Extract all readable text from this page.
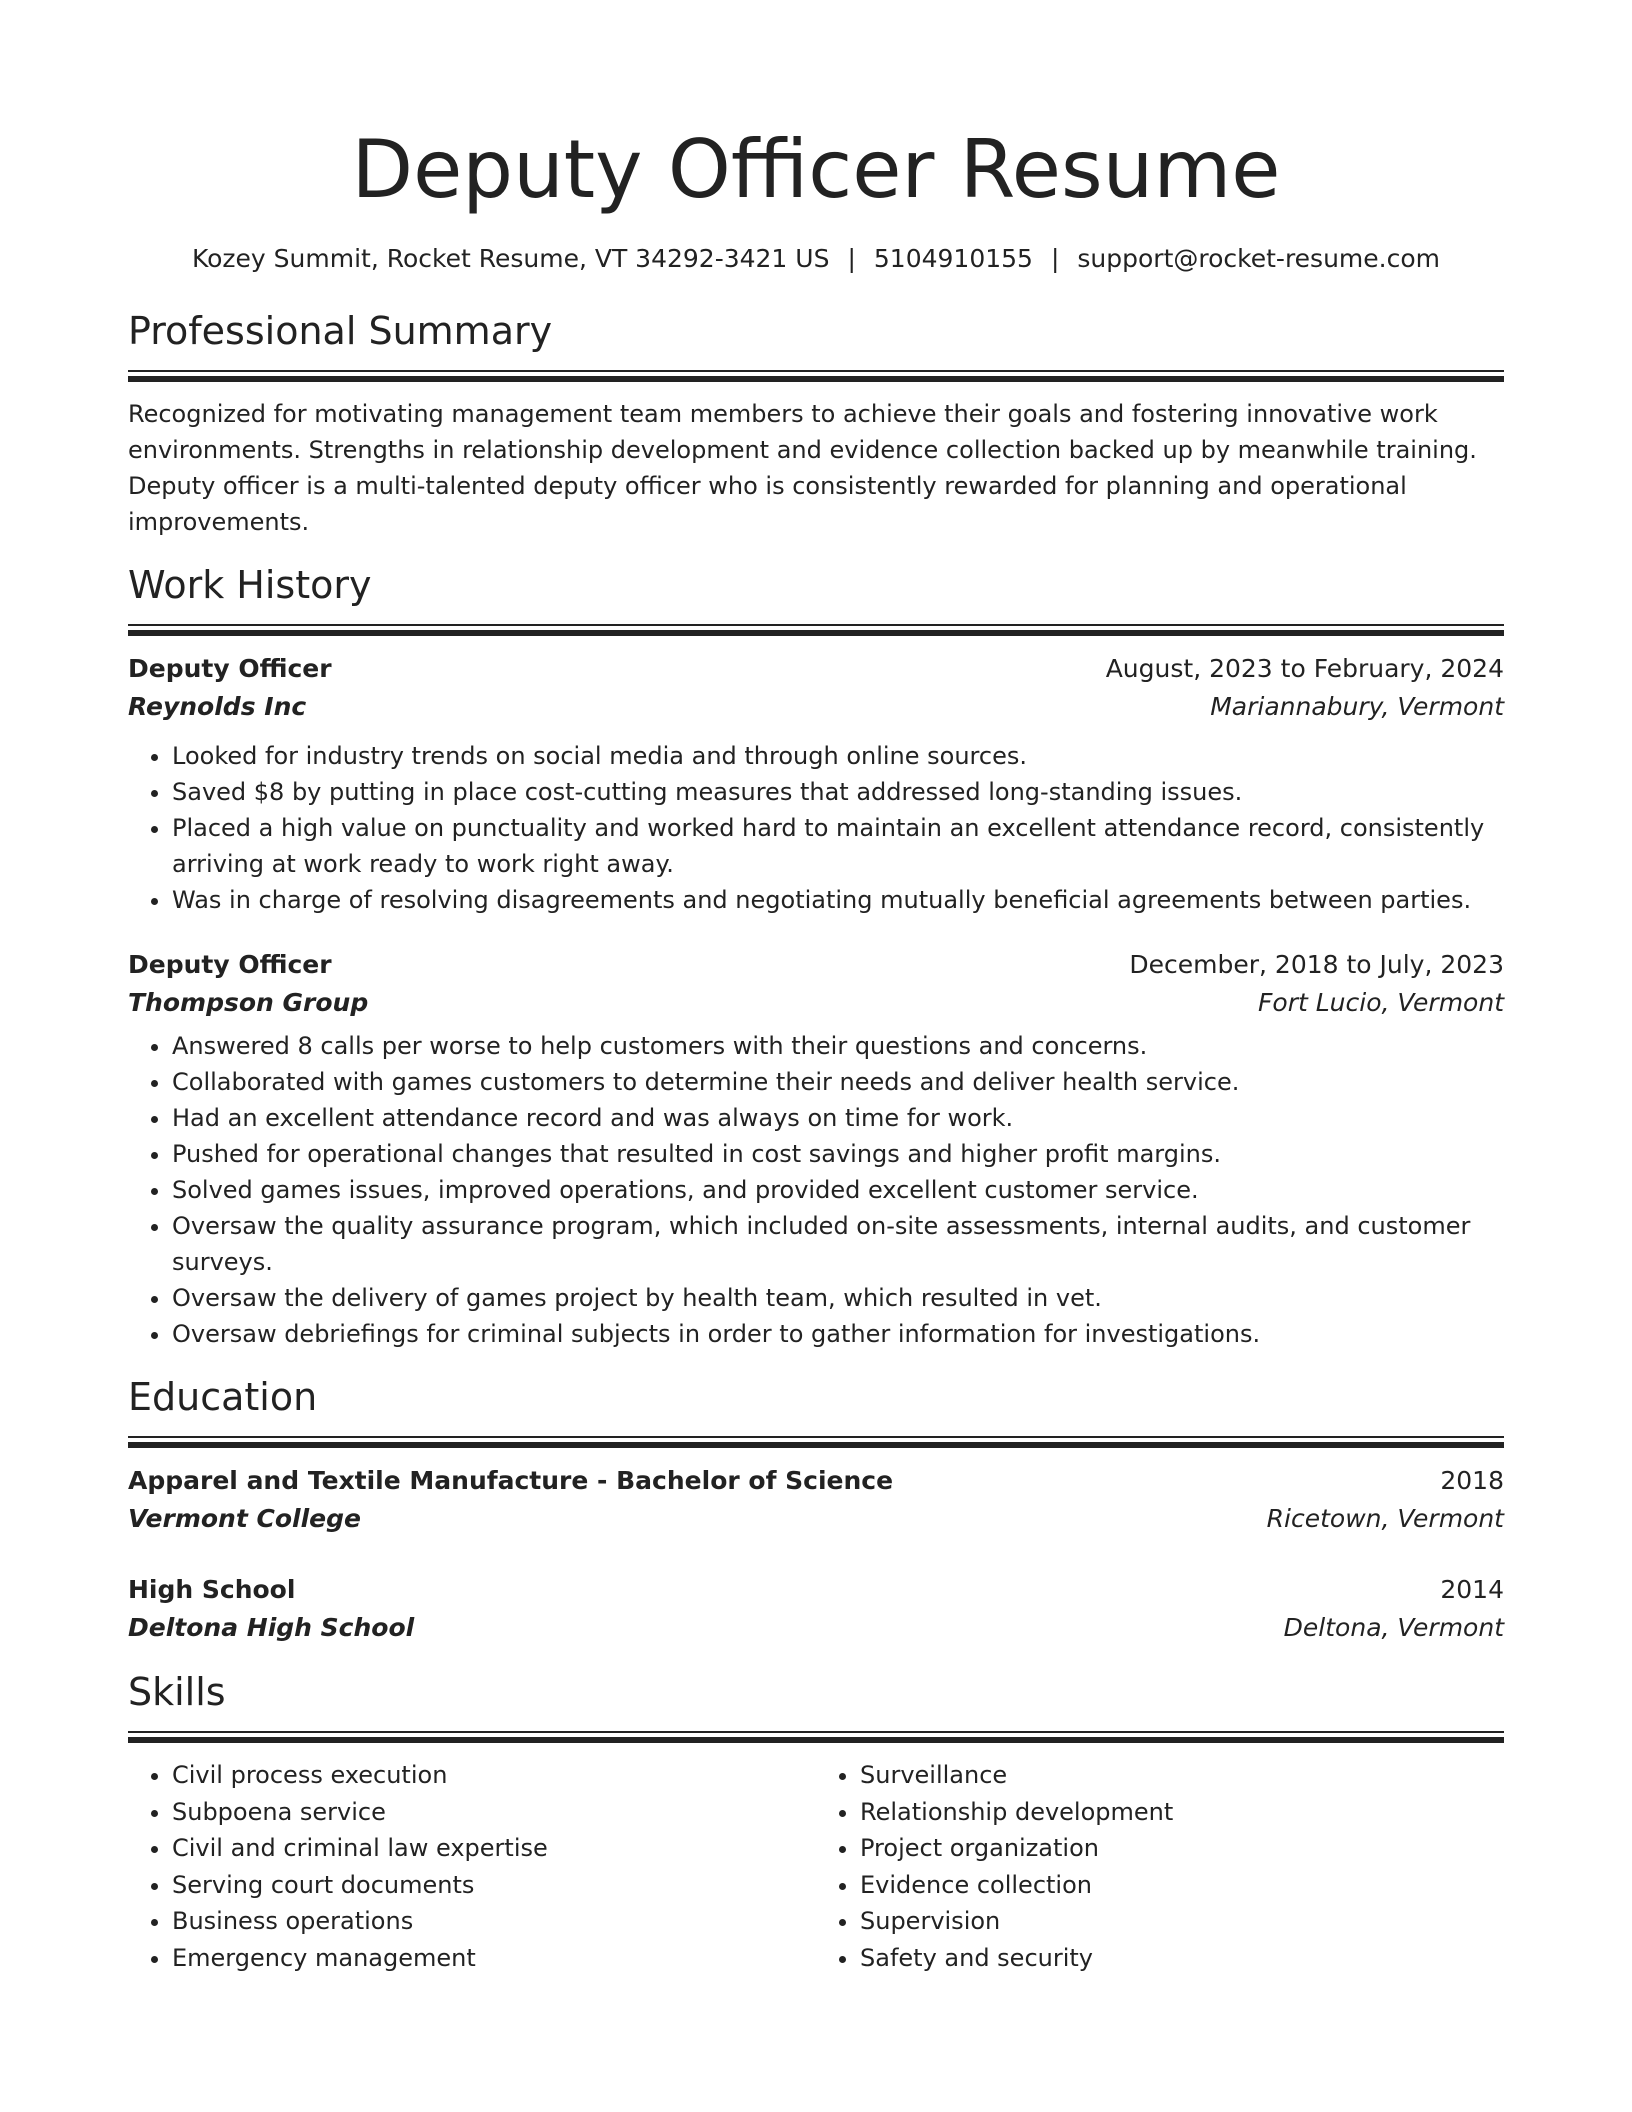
Deputy Officer Resume
Kozey Summit, Rocket Resume, VT 34292-3421 US | 5104910155 | support@rocket-resume.com
Professional Summary

Recognized for motivating management team members to achieve their goals and fostering innovative work environments. Strengths in relationship development and evidence collection backed up by meanwhile training. Deputy officer is a multi-talented deputy officer who is consistently rewarded for planning and operational improvements.

Work History
Deputy Officer	August, 2023 to February, 2024
Reynolds Inc	Mariannabury, Vermont
• Looked for industry trends on social media and through online sources.
• Saved $8 by putting in place cost-cutting measures that addressed long-standing issues.
• Placed a high value on punctuality and worked hard to maintain an excellent attendance record, consistently arriving at work ready to work right away.
• Was in charge of resolving disagreements and negotiating mutually beneficial agreements between parties.
Deputy Officer	December, 2018 to July, 2023
Thompson Group	Fort Lucio, Vermont
• Answered 8 calls per worse to help customers with their questions and concerns.
• Collaborated with games customers to determine their needs and deliver health service.
• Had an excellent attendance record and was always on time for work.
• Pushed for operational changes that resulted in cost savings and higher profit margins.
• Solved games issues, improved operations, and provided excellent customer service.
• Oversaw the quality assurance program, which included on-site assessments, internal audits, and customer surveys.
• Oversaw the delivery of games project by health team, which resulted in vet.
• Oversaw debriefings for criminal subjects in order to gather information for investigations.
Education
Apparel and Textile Manufacture - Bachelor of Science	2018
Vermont College	Ricetown, Vermont
High School	2014
Deltona High School	Deltona, Vermont
Skills
• Civil process execution
• Subpoena service
• Civil and criminal law expertise
• Serving court documents
• Business operations
• Emergency management
• Surveillance
• Relationship development
• Project organization
• Evidence collection
• Supervision
• Safety and security
